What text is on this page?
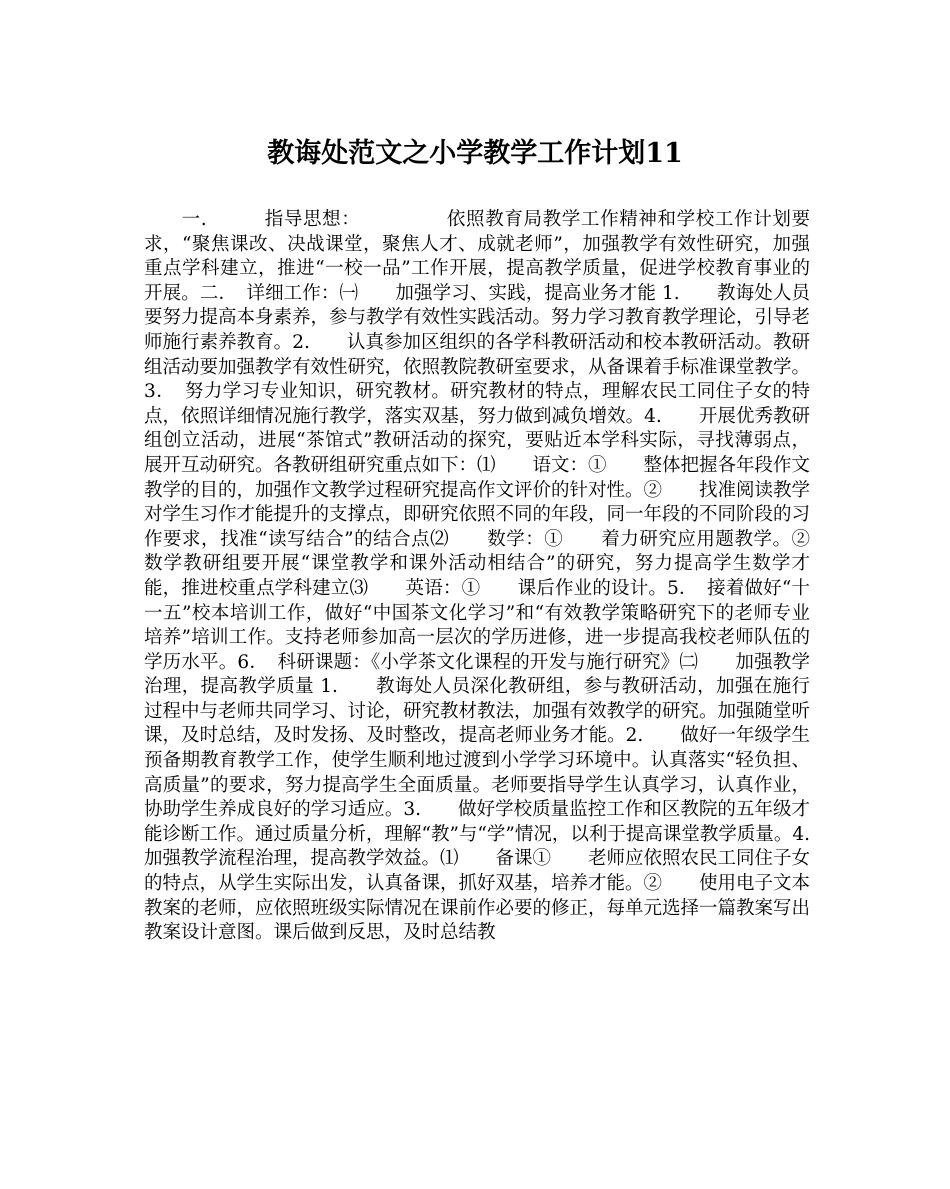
教诲处范文之小学教学工作计划11

一.　　　指导思想：　　　　　依照教育局教学工作精神和学校工作计划要求，“聚焦课改、决战课堂，聚焦人才、成就老师”，加强教学有效性研究，加强重点学科建立，推进“一校一品”工作开展，提高教学质量，促进学校教育事业的开展。二．　详细工作：㈠　　加强学习、实践，提高业务才能 1.　　教诲处人员要努力提高本身素养，参与教学有效性实践活动。努力学习教育教学理论，引导老师施行素养教育。2.　　认真参加区组织的各学科教研活动和校本教研活动。教研组活动要加强教学有效性研究，依照教院教研室要求，从备课着手标准课堂教学。3．　努力学习专业知识，研究教材。研究教材的特点，理解农民工同住子女的特点，依照详细情况施行教学，落实双基，努力做到减负增效。4.　　开展优秀教研组创立活动，进展“茶馆式”教研活动的探究，要贴近本学科实际，寻找薄弱点，展开互动研究。各教研组研究重点如下：⑴　　语文：①　　整体把握各年段作文教学的目的，加强作文教学过程研究提高作文评价的针对性。②　　找准阅读教学对学生习作才能提升的支撑点，即研究依照不同的年段，同一年段的不同阶段的习作要求，找准“读写结合”的结合点⑵　　数学：①　　着力研究应用题教学。②　　数学教研组要开展“课堂教学和课外活动相结合”的研究，努力提高学生数学才能，推进校重点学科建立⑶　　英语：①　　课后作业的设计。5．　接着做好“十一五”校本培训工作，做好“中国茶文化学习”和“有效教学策略研究下的老师专业培养”培训工作。支持老师参加高一层次的学历进修，进一步提高我校老师队伍的学历水平。6．　科研课题：《小学茶文化课程的开发与施行研究》㈡　　加强教学治理，提高教学质量 1.　　教诲处人员深化教研组，参与教研活动，加强在施行过程中与老师共同学习、讨论，研究教材教法，加强有效教学的研究。加强随堂听课，及时总结，及时发扬、及时整改，提高老师业务才能。2.　　做好一年级学生预备期教育教学工作，使学生顺利地过渡到小学学习环境中。认真落实“轻负担、高质量”的要求，努力提高学生全面质量。老师要指导学生认真学习，认真作业，协助学生养成良好的学习适应。3.　　做好学校质量监控工作和区教院的五年级才能诊断工作。通过质量分析，理解“教”与“学”情况，以利于提高课堂教学质量。4.　　加强教学流程治理，提高教学效益。⑴　　备课①　　老师应依照农民工同住子女的特点，从学生实际出发，认真备课，抓好双基，培养才能。②　　使用电子文本教案的老师，应依照班级实际情况在课前作必要的修正，每单元选择一篇教案写出教案设计意图。课后做到反思，及时总结教
